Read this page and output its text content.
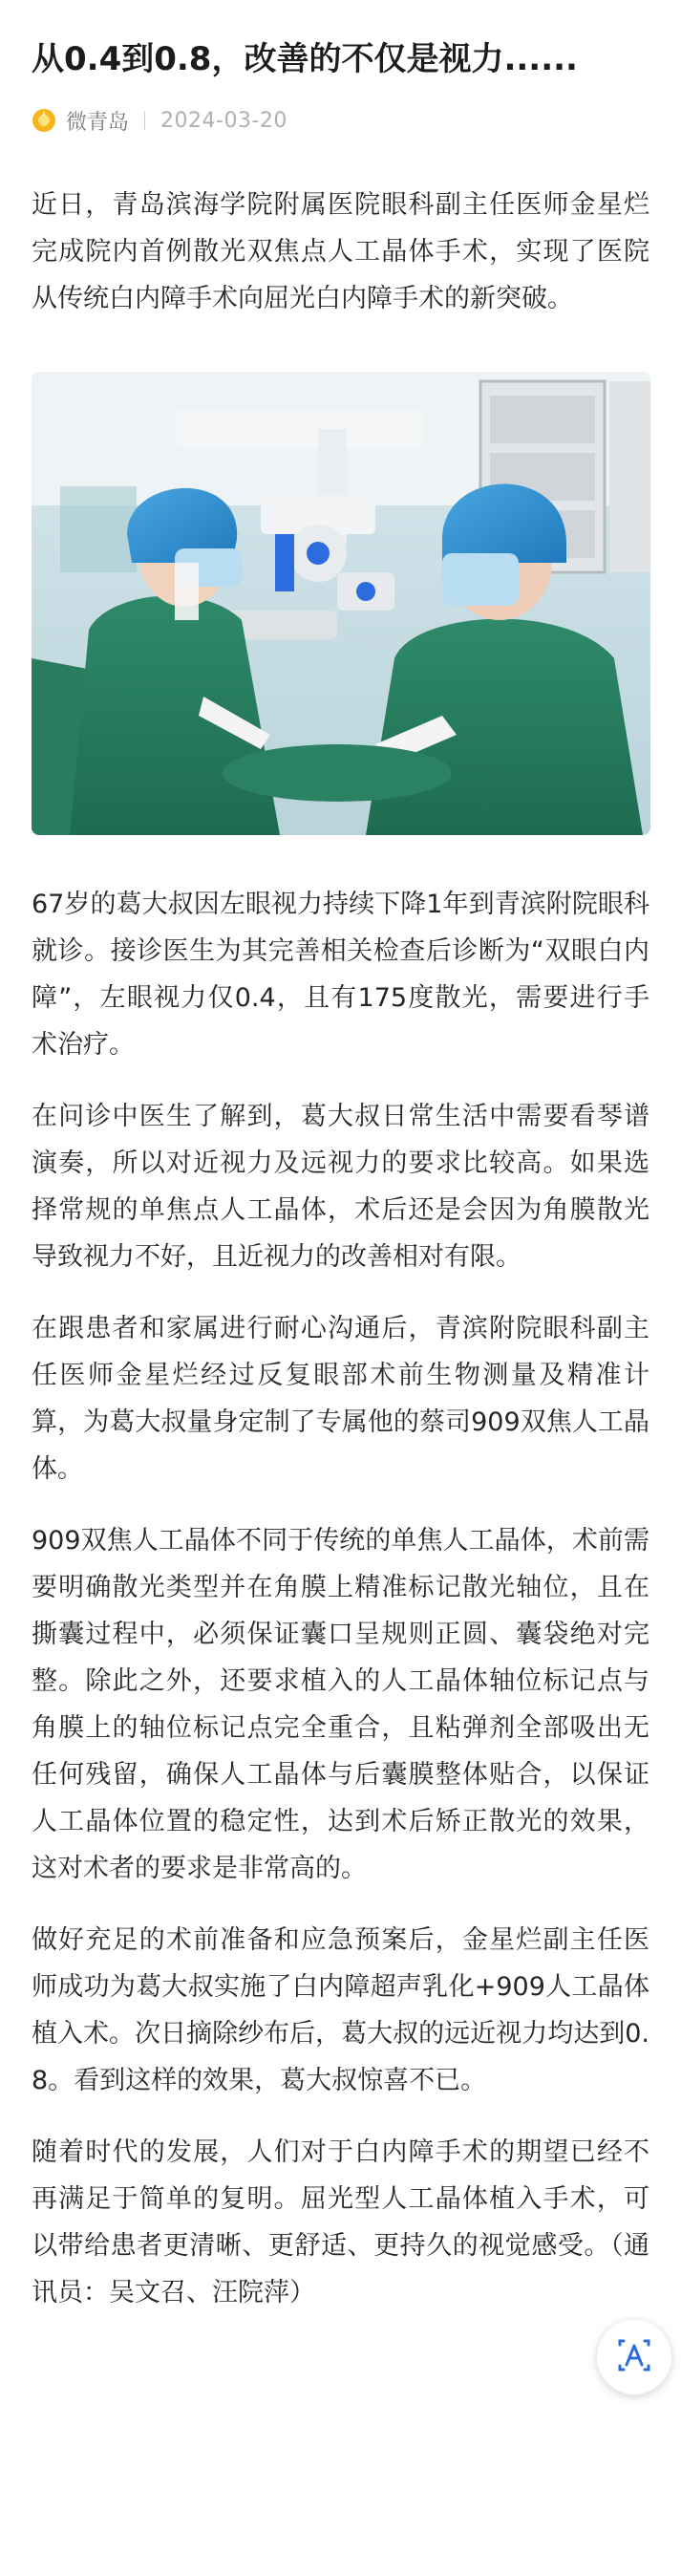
从0.4到0.8，改善的不仅是视力......
微青岛 2024-03-20

近日，青岛滨海学院附属医院眼科副主任医师金星烂完成院内首例散光双焦点人工晶体手术，实现了医院从传统白内障手术向屈光白内障手术的新突破。

67岁的葛大叔因左眼视力持续下降1年到青滨附院眼科就诊。接诊医生为其完善相关检查后诊断为“双眼白内障”，左眼视力仅0.4，且有175度散光，需要进行手术治疗。

在问诊中医生了解到，葛大叔日常生活中需要看琴谱演奏，所以对近视力及远视力的要求比较高。如果选择常规的单焦点人工晶体，术后还是会因为角膜散光导致视力不好，且近视力的改善相对有限。

在跟患者和家属进行耐心沟通后，青滨附院眼科副主任医师金星烂经过反复眼部术前生物测量及精准计算，为葛大叔量身定制了专属他的蔡司909双焦人工晶体。

909双焦人工晶体不同于传统的单焦人工晶体，术前需要明确散光类型并在角膜上精准标记散光轴位，且在撕囊过程中，必须保证囊口呈规则正圆、囊袋绝对完整。除此之外，还要求植入的人工晶体轴位标记点与角膜上的轴位标记点完全重合，且粘弹剂全部吸出无任何残留，确保人工晶体与后囊膜整体贴合，以保证人工晶体位置的稳定性，达到术后矫正散光的效果，这对术者的要求是非常高的。

做好充足的术前准备和应急预案后，金星烂副主任医师成功为葛大叔实施了白内障超声乳化+909人工晶体植入术。次日摘除纱布后，葛大叔的远近视力均达到0.8。看到这样的效果，葛大叔惊喜不已。

随着时代的发展，人们对于白内障手术的期望已经不再满足于简单的复明。屈光型人工晶体植入手术，可以带给患者更清晰、更舒适、更持久的视觉感受。（通讯员：吴文召、汪院萍）
